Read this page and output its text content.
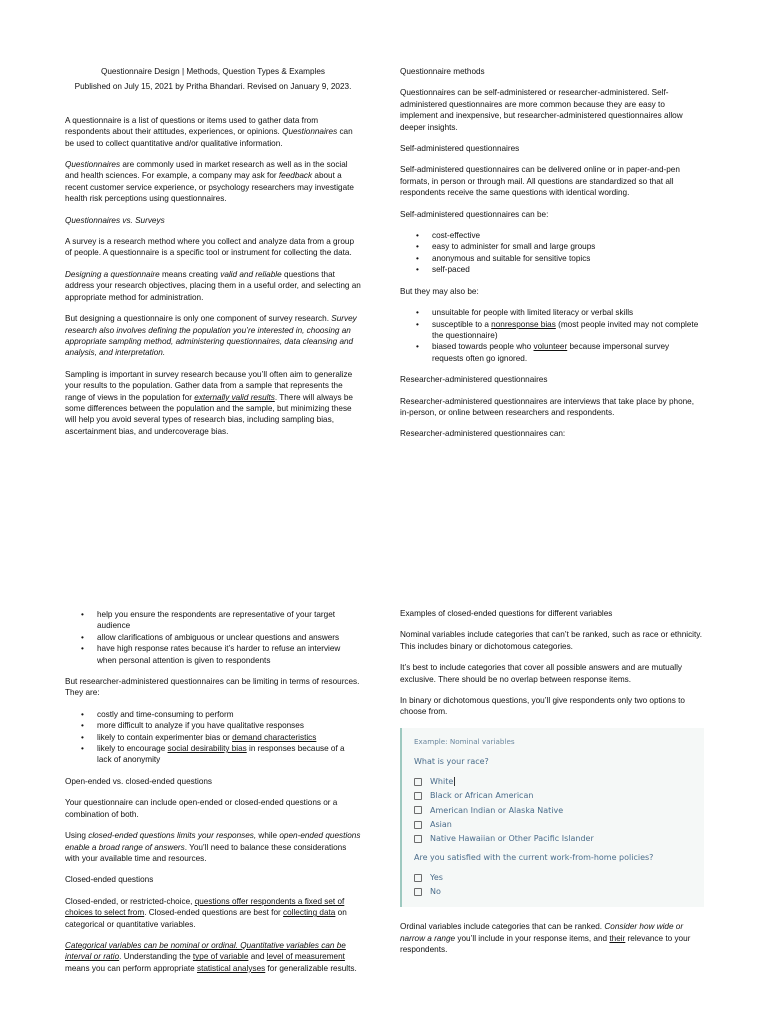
Questionnaire Design | Methods, Question Types & Examples

Published on July 15, 2021 by Pritha Bhandari. Revised on January 9, 2023.

A questionnaire is a list of questions or items used to gather data from respondents about their attitudes, experiences, or opinions. Questionnaires can be used to collect quantitative and/or qualitative information.

Questionnaires are commonly used in market research as well as in the social and health sciences. For example, a company may ask for feedback about a recent customer service experience, or psychology researchers may investigate health risk perceptions using questionnaires.

Questionnaires vs. Surveys

A survey is a research method where you collect and analyze data from a group of people. A questionnaire is a specific tool or instrument for collecting the data.

Designing a questionnaire means creating valid and reliable questions that address your research objectives, placing them in a useful order, and selecting an appropriate method for administration.

But designing a questionnaire is only one component of survey research. Survey research also involves defining the population you’re interested in, choosing an appropriate sampling method, administering questionnaires, data cleansing and analysis, and interpretation.

Sampling is important in survey research because you’ll often aim to generalize your results to the population. Gather data from a sample that represents the range of views in the population for externally valid results. There will always be some differences between the population and the sample, but minimizing these will help you avoid several types of research bias, including sampling bias, ascertainment bias, and undercoverage bias.

Questionnaire methods

Questionnaires can be self-administered or researcher-administered. Self-administered questionnaires are more common because they are easy to implement and inexpensive, but researcher-administered questionnaires allow deeper insights.

Self-administered questionnaires

Self-administered questionnaires can be delivered online or in paper-and-pen formats, in person or through mail. All questions are standardized so that all respondents receive the same questions with identical wording.

Self-administered questionnaires can be:

• cost-effective
• easy to administer for small and large groups
• anonymous and suitable for sensitive topics
• self-paced

But they may also be:

• unsuitable for people with limited literacy or verbal skills
• susceptible to a nonresponse bias (most people invited may not complete the questionnaire)
• biased towards people who volunteer because impersonal survey requests often go ignored.
Researcher-administered questionnaires

Researcher-administered questionnaires are interviews that take place by phone, in-person, or online between researchers and respondents.

Researcher-administered questionnaires can:

• help you ensure the respondents are representative of your target audience
• allow clarifications of ambiguous or unclear questions and answers
• have high response rates because it’s harder to refuse an interview when personal attention is given to respondents

But researcher-administered questionnaires can be limiting in terms of resources. They are:

• costly and time-consuming to perform
• more difficult to analyze if you have qualitative responses
• likely to contain experimenter bias or demand characteristics
• likely to encourage social desirability bias in responses because of a lack of anonymity
Open-ended vs. closed-ended questions

Your questionnaire can include open-ended or closed-ended questions or a combination of both.

Using closed-ended questions limits your responses, while open-ended questions enable a broad range of answers. You’ll need to balance these considerations with your available time and resources.

Closed-ended questions

Closed-ended, or restricted-choice, questions offer respondents a fixed set of choices to select from. Closed-ended questions are best for collecting data on categorical or quantitative variables.

Categorical variables can be nominal or ordinal. Quantitative variables can be interval or ratio. Understanding the type of variable and level of measurement means you can perform appropriate statistical analyses for generalizable results.

Examples of closed-ended questions for different variables

Nominal variables include categories that can’t be ranked, such as race or ethnicity. This includes binary or dichotomous categories.

It’s best to include categories that cover all possible answers and are mutually exclusive. There should be no overlap between response items.

In binary or dichotomous questions, you’ll give respondents only two options to choose from.

Example: Nominal variables
What is your race?
White
Black or African American
American Indian or Alaska Native
Asian
Native Hawaiian or Other Pacific Islander
Are you satisfied with the current work-from-home policies?
Yes
No

Ordinal variables include categories that can be ranked. Consider how wide or narrow a range you’ll include in your response items, and their relevance to your respondents.
